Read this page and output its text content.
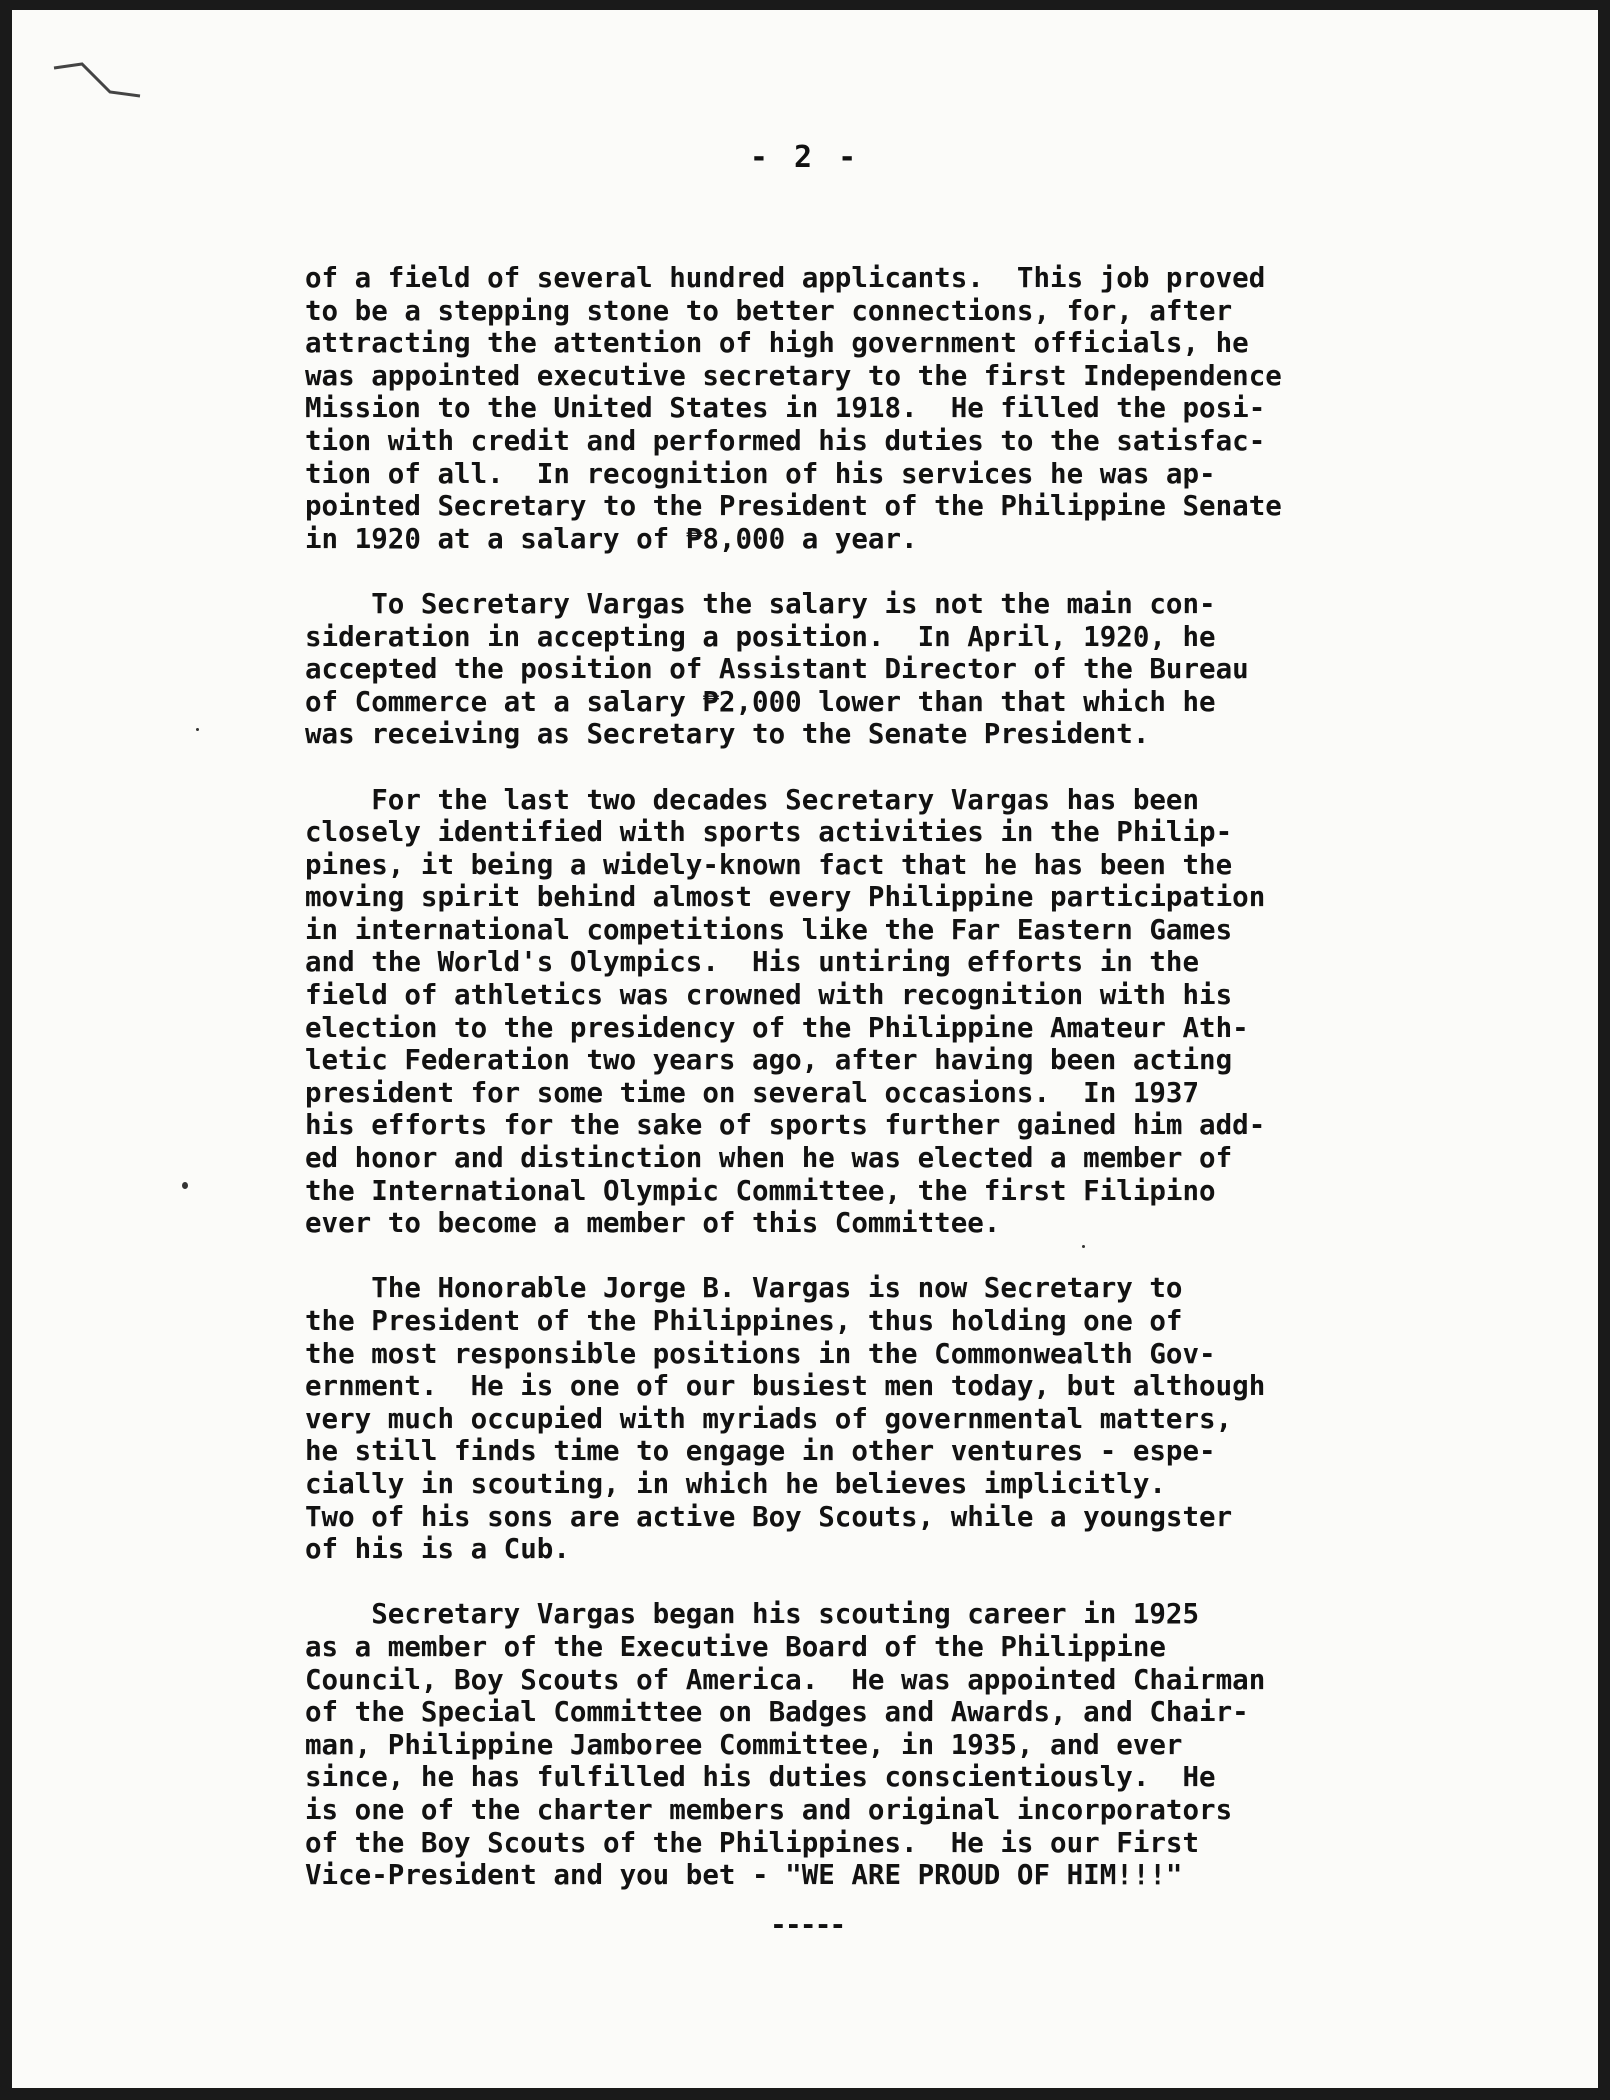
- 2 -
of a field of several hundred applicants.  This job proved
to be a stepping stone to better connections, for, after
attracting the attention of high government officials, he
was appointed executive secretary to the first Independence
Mission to the United States in 1918.  He filled the posi-
tion with credit and performed his duties to the satisfac-
tion of all.  In recognition of his services he was ap-
pointed Secretary to the President of the Philippine Senate
in 1920 at a salary of ₱8,000 a year.
To Secretary Vargas the salary is not the main con-
sideration in accepting a position.  In April, 1920, he
accepted the position of Assistant Director of the Bureau
of Commerce at a salary ₱2,000 lower than that which he
was receiving as Secretary to the Senate President.
For the last two decades Secretary Vargas has been
closely identified with sports activities in the Philip-
pines, it being a widely-known fact that he has been the
moving spirit behind almost every Philippine participation
in international competitions like the Far Eastern Games
and the World's Olympics.  His untiring efforts in the
field of athletics was crowned with recognition with his
election to the presidency of the Philippine Amateur Ath-
letic Federation two years ago, after having been acting
president for some time on several occasions.  In 1937
his efforts for the sake of sports further gained him add-
ed honor and distinction when he was elected a member of
the International Olympic Committee, the first Filipino
ever to become a member of this Committee.
The Honorable Jorge B. Vargas is now Secretary to
the President of the Philippines, thus holding one of
the most responsible positions in the Commonwealth Gov-
ernment.  He is one of our busiest men today, but although
very much occupied with myriads of governmental matters,
he still finds time to engage in other ventures - espe-
cially in scouting, in which he believes implicitly.
Two of his sons are active Boy Scouts, while a youngster
of his is a Cub.
Secretary Vargas began his scouting career in 1925
as a member of the Executive Board of the Philippine
Council, Boy Scouts of America.  He was appointed Chairman
of the Special Committee on Badges and Awards, and Chair-
man, Philippine Jamboree Committee, in 1935, and ever
since, he has fulfilled his duties conscientiously.  He
is one of the charter members and original incorporators
of the Boy Scouts of the Philippines.  He is our First
Vice-President and you bet - "WE ARE PROUD OF HIM!!!"
-----
